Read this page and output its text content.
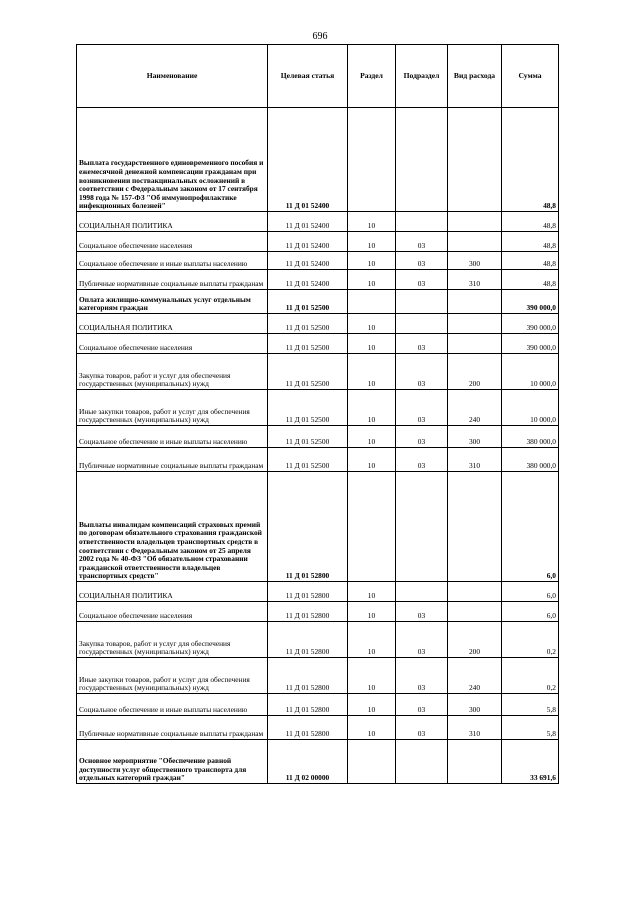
696
Наименование	Целевая статья	Раздел	Подраздел	Вид расхода	Сумма
Выплата государственного единовременного пособия и ежемесячной денежной компенсации гражданам при возникновении поствакцинальных осложнений в соответствии с Федеральным законом от 17 сентября 1998 года № 157-ФЗ "Об иммунопрофилактике инфекционных болезней"	11 Д 01 52400				48,8
СОЦИАЛЬНАЯ ПОЛИТИКА	11 Д 01 52400	10			48,8
Социальное обеспечение населения	11 Д 01 52400	10	03		48,8
Социальное обеспечение и иные выплаты населению	11 Д 01 52400	10	03	300	48,8
Публичные нормативные социальные выплаты гражданам	11 Д 01 52400	10	03	310	48,8
Оплата жилищно-коммунальных услуг отдельным категориям граждан	11 Д 01 52500				390 000,0
СОЦИАЛЬНАЯ ПОЛИТИКА	11 Д 01 52500	10			390 000,0
Социальное обеспечение населения	11 Д 01 52500	10	03		390 000,0
Закупка товаров, работ и услуг для обеспечения государственных (муниципальных) нужд	11 Д 01 52500	10	03	200	10 000,0
Иные закупки товаров, работ и услуг для обеспечения государственных (муниципальных) нужд	11 Д 01 52500	10	03	240	10 000,0
Социальное обеспечение и иные выплаты населению	11 Д 01 52500	10	03	300	380 000,0
Публичные нормативные социальные выплаты гражданам	11 Д 01 52500	10	03	310	380 000,0
Выплаты инвалидам компенсаций страховых премий по договорам обязательного страхования гражданской ответственности владельцев транспортных средств в соответствии с Федеральным законом от 25 апреля 2002 года № 40-ФЗ "Об обязательном страховании гражданской ответственности владельцев транспортных средств"	11 Д 01 52800				6,0
СОЦИАЛЬНАЯ ПОЛИТИКА	11 Д 01 52800	10			6,0
Социальное обеспечение населения	11 Д 01 52800	10	03		6,0
Закупка товаров, работ и услуг для обеспечения государственных (муниципальных) нужд	11 Д 01 52800	10	03	200	0,2
Иные закупки товаров, работ и услуг для обеспечения государственных (муниципальных) нужд	11 Д 01 52800	10	03	240	0,2
Социальное обеспечение и иные выплаты населению	11 Д 01 52800	10	03	300	5,8
Публичные нормативные социальные выплаты гражданам	11 Д 01 52800	10	03	310	5,8
Основное мероприятие "Обеспечение равной доступности услуг общественного транспорта для отдельных категорий граждан"	11 Д 02 00000				33 691,6
